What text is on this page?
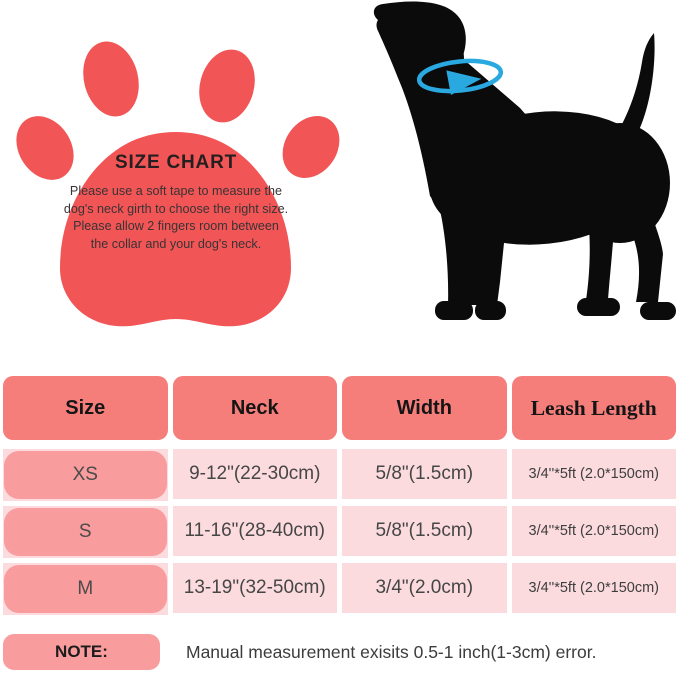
SIZE CHART
Please use a soft tape to measure the
dog's neck girth to choose the right size.
Please allow 2 fingers room between
the collar and your dog's neck.
Size	Neck	Width	Leash Length
XS	9-12"(22-30cm)	5/8"(1.5cm)	3/4''*5ft (2.0*150cm)
S	11-16"(28-40cm)	5/8"(1.5cm)	3/4''*5ft (2.0*150cm)
M	13-19"(32-50cm)	3/4"(2.0cm)	3/4''*5ft (2.0*150cm)
NOTE:	Manual measurement exisits 0.5-1 inch(1-3cm) error.
